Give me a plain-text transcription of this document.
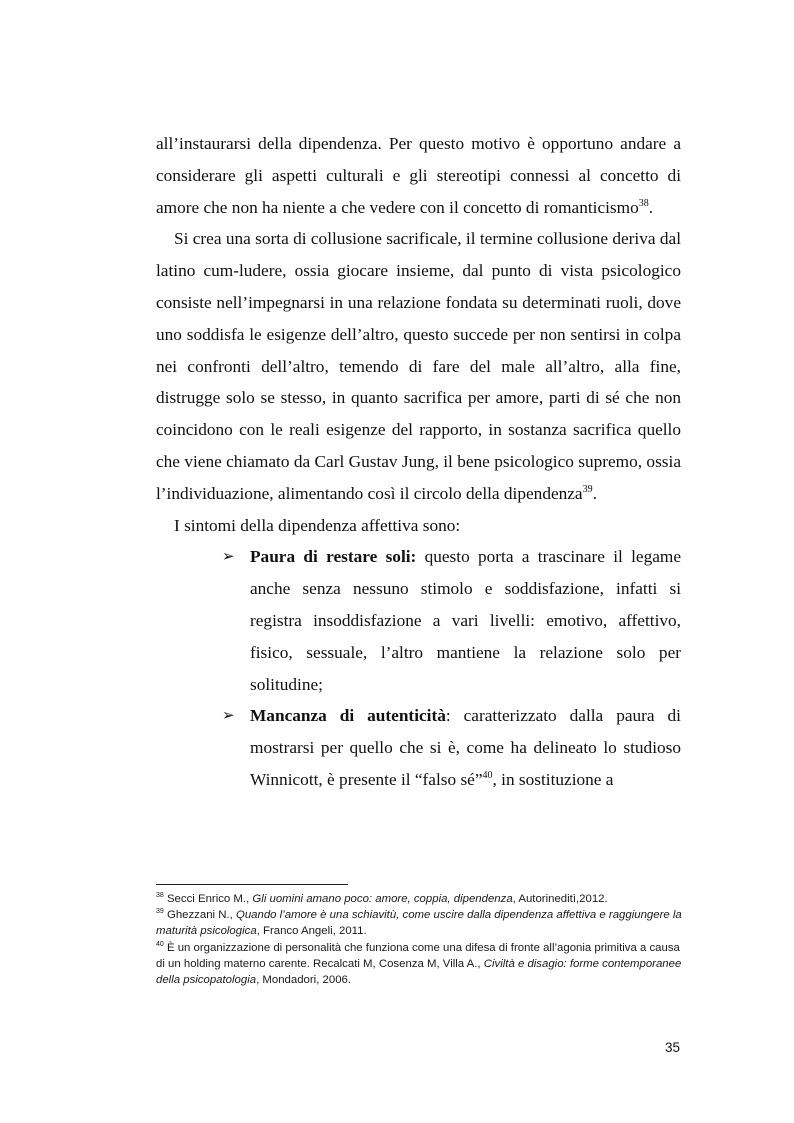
all’instaurarsi della dipendenza. Per questo motivo è opportuno andare a considerare gli aspetti culturali e gli stereotipi connessi al concetto di amore che non ha niente a che vedere con il concetto di romanticismo$^{38}$.

Si crea una sorta di collusione sacrificale, il termine collusione deriva dal latino cum-ludere, ossia giocare insieme, dal punto di vista psicologico consiste nell’impegnarsi in una relazione fondata su determinati ruoli, dove uno soddisfa le esigenze dell’altro, questo succede per non sentirsi in colpa nei confronti dell’altro, temendo di fare del male all’altro, alla fine, distrugge solo se stesso, in quanto sacrifica per amore, parti di sé che non coincidono con le reali esigenze del rapporto, in sostanza sacrifica quello che viene chiamato da Carl Gustav Jung, il bene psicologico supremo, ossia l’individuazione, alimentando così il circolo della dipendenza$^{39}$.

I sintomi della dipendenza affettiva sono:

➢ Paura di restare soli: questo porta a trascinare il legame anche senza nessuno stimolo e soddisfazione, infatti si registra insoddisfazione a vari livelli: emotivo, affettivo, fisico, sessuale, l’altro mantiene la relazione solo per solitudine;
➢ Mancanza di autenticità: caratterizzato dalla paura di mostrarsi per quello che si è, come ha delineato lo studioso Winnicott, è presente il “falso sé”$^{40}$, in sostituzione a

$^{38}$ Secci Enrico M., Gli uomini amano poco: amore, coppia, dipendenza, Autorineditì,2012.

$^{39}$ Ghezzani N., Quando l’amore è una schiavitù, come uscire dalla dipendenza affettiva e raggiungere la maturità psicologica, Franco Angeli, 2011.

$^{40}$ È un organizzazione di personalità che funziona come una difesa di fronte all’agonia primitiva a causa di un holding materno carente. Recalcati M, Cosenza M, Villa A., Civiltà e disagio: forme contemporanee della psicopatologia, Mondadori, 2006.

35
